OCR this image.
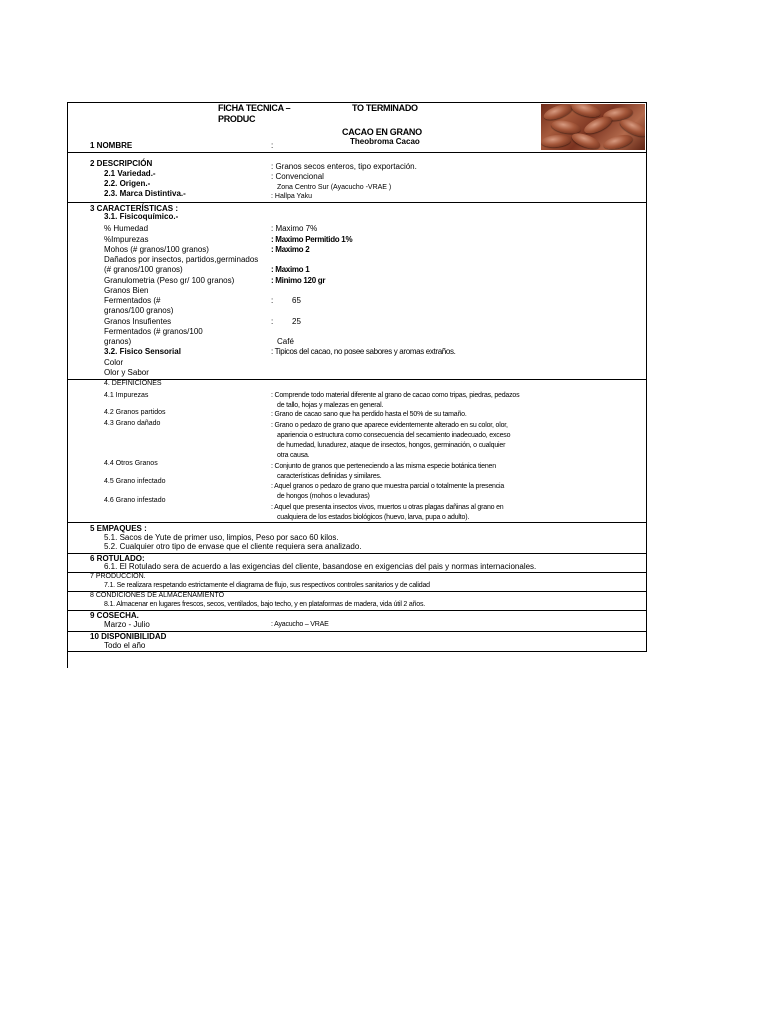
FICHA TECNICA –
PRODUC
TO TERMINADO
CACAO EN GRANO
Theobroma Cacao
1 NOMBRE	:
2 DESCRIPCIÓN
2.1 Variedad.-
2.2. Origen.-
2.3. Marca Distintiva.-
: Granos secos enteros, tipo exportación.
: Convencional
Zona Centro Sur (Ayacucho -VRAE )
: Hallpa Yaku
3 CARACTERÍSTICAS :
3.1. Fisicoquímico.-
% Humedad
%Impurezas
Mohos (# granos/100 granos)
Dañados por insectos, partidos,germinados
(# granos/100 granos)
Granulometria (Peso gr/ 100 granos)
Granos Bien
Fermentados (#
granos/100 granos)
Granos Insufientes
Fermentados (# granos/100
granos)
3.2. Fisico Sensorial
Color
Olor y Sabor
: Maximo 7%
: Maximo Permitido 1%
: Maximo 2
: Maximo 1
: Minimo 120 gr
: 65
: 25
Café
: Tipicos del cacao, no posee sabores y aromas extraños.
4. DEFINICIONES
4.1 Impurezas
4.2 Granos partidos
4.3 Grano dañado
4.4 Otros Granos
4.5 Grano infectado
4.6 Grano infestado
: Comprende todo material diferente al grano de cacao como tripas, piedras, pedazos
de tallo, hojas y malezas en general.
: Grano de cacao sano que ha perdido hasta el 50% de su tamaño.
: Grano o pedazo de grano que aparece evidentemente alterado en su color, olor,
apariencia o estructura como consecuencia del secamiento inadecuado, exceso
de humedad, lunadurez, ataque de insectos, hongos, germinación, o cualquier
otra causa.
: Conjunto de granos que perteneciendo a las misma especie botánica tienen
características definidas y similares.
: Aquel granos o pedazo de grano que muestra parcial o totalmente la presencia
de hongos (mohos o levaduras)
: Aquel que presenta insectos vivos, muertos u otras plagas dañinas al grano en
cualquiera de los estados biológicos (huevo, larva, pupa o adulto).
5 EMPAQUES :
5.1. Sacos de Yute de primer uso, limpios, Peso por saco 60 kilos.
5.2. Cualquier otro tipo de envase que el cliente requiera sera analizado.
6 ROTULADO:
6.1. El Rotulado sera de acuerdo a las exigencias del cliente, basandose en exigencias del pais y normas internacionales.
7 PRODUCCION.
7.1. Se realizara respetando estrictamente el diagrama de flujo, sus respectivos controles sanitarios y de calidad
8 CONDICIONES DE ALMACENAMIENTO
8.1. Almacenar en lugares frescos, secos, ventilados, bajo techo, y en plataformas de madera, vida útil 2 años.
9 COSECHA.
Marzo - Julio	: Ayacucho – VRAE
10 DISPONIBILIDAD
Todo el año
